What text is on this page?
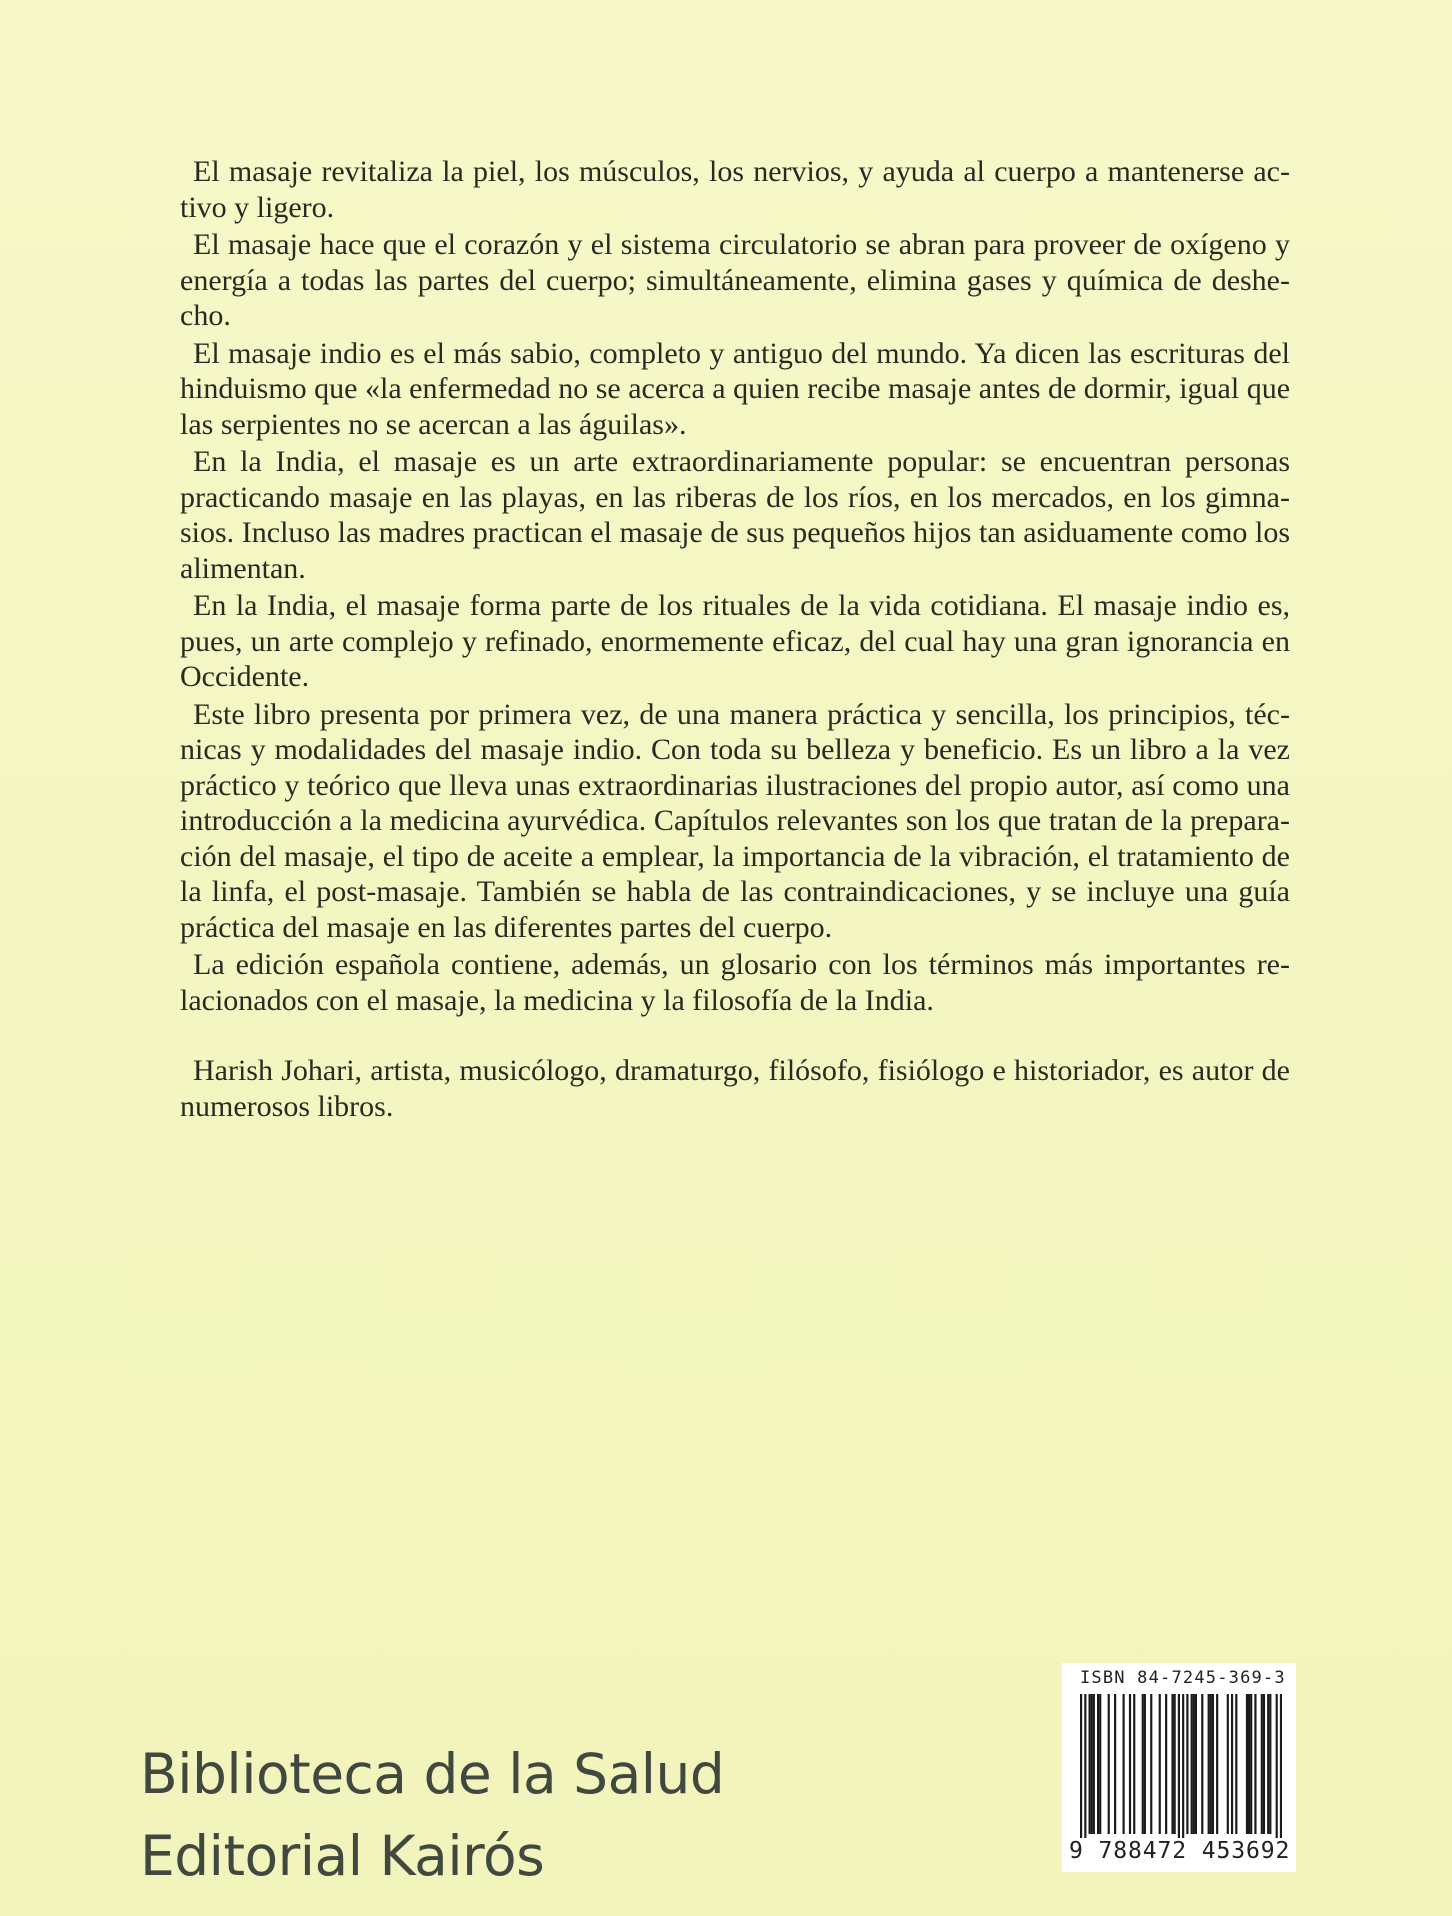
El masaje revitaliza la piel, los músculos, los nervios, y ayuda al cuerpo a mantenerse activo y ligero.

El masaje hace que el corazón y el sistema circulatorio se abran para proveer de oxígeno y energía a todas las partes del cuerpo; simultáneamente, elimina gases y química de deshecho.

El masaje indio es el más sabio, completo y antiguo del mundo. Ya dicen las escrituras del hinduismo que «la enfermedad no se acerca a quien recibe masaje antes de dormir, igual que las serpientes no se acercan a las águilas».

En la India, el masaje es un arte extraordinariamente popular: se encuentran personas practicando masaje en las playas, en las riberas de los ríos, en los mercados, en los gimnasios. Incluso las madres practican el masaje de sus pequeños hijos tan asiduamente como los alimentan.

En la India, el masaje forma parte de los rituales de la vida cotidiana. El masaje indio es, pues, un arte complejo y refinado, enormemente eficaz, del cual hay una gran ignorancia en Occidente.

Este libro presenta por primera vez, de una manera práctica y sencilla, los principios, técnicas y modalidades del masaje indio. Con toda su belleza y beneficio. Es un libro a la vez práctico y teórico que lleva unas extraordinarias ilustraciones del propio autor, así como una introducción a la medicina ayurvédica. Capítulos relevantes son los que tratan de la preparación del masaje, el tipo de aceite a emplear, la importancia de la vibración, el tratamiento de la linfa, el post-masaje. También se habla de las contraindicaciones, y se incluye una guía práctica del masaje en las diferentes partes del cuerpo.

La edición española contiene, además, un glosario con los términos más importantes relacionados con el masaje, la medicina y la filosofía de la India.

Harish Johari, artista, musicólogo, dramaturgo, filósofo, fisiólogo e historiador, es autor de numerosos libros.

Biblioteca de la Salud
Editorial Kairós
ISBN 84-7245-369-3
9 788472 453692
